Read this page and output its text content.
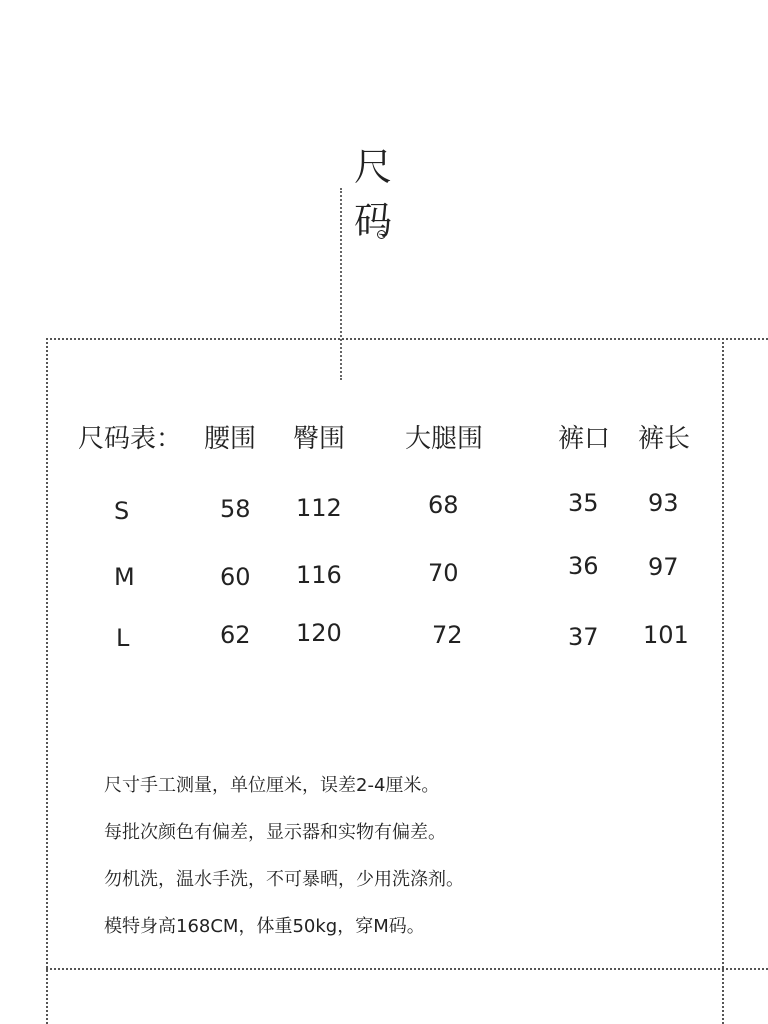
尺
码
尺码表： 腰围 臀围 大腿围	裤口 裤长
S	58 112	68	35 93
M	60 116	70	36 97
L	62 120	72	37 101
尺寸手工测量，单位厘米，误差2-4厘米。
每批次颜色有偏差，显示器和实物有偏差。
勿机洗，温水手洗，不可暴晒，少用洗涤剂。
模特身高168CM，体重50kg，穿M码。
